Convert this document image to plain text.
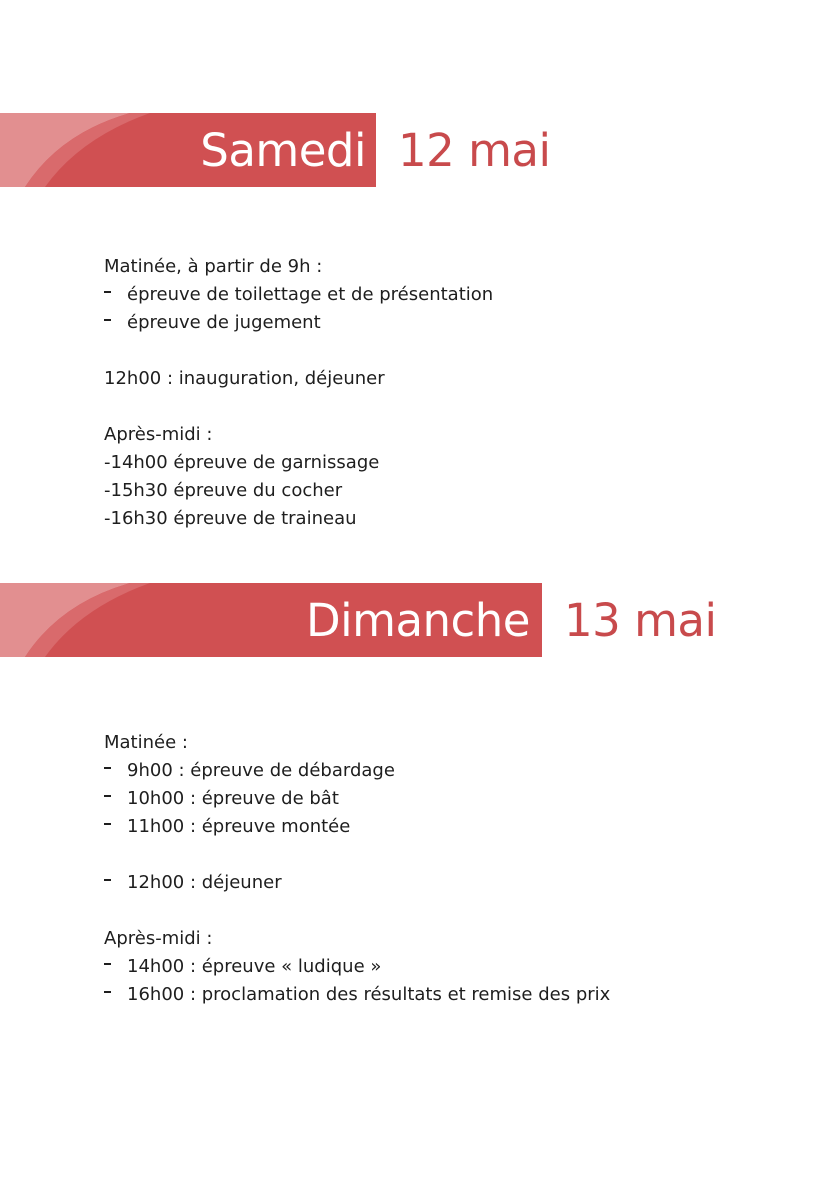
Samedi 12 mai
Matinée, à partir de 9h :
épreuve de toilettage et de présentation
épreuve de jugement
12h00 : inauguration, déjeuner
Après-midi :
-14h00 épreuve de garnissage
-15h30 épreuve du cocher
-16h30 épreuve de traineau
Dimanche 13 mai
Matinée :
9h00 : épreuve de débardage
10h00 : épreuve de bât
11h00 : épreuve montée
12h00 : déjeuner
Après-midi :
14h00 : épreuve « ludique »
16h00 : proclamation des résultats et remise des prix
